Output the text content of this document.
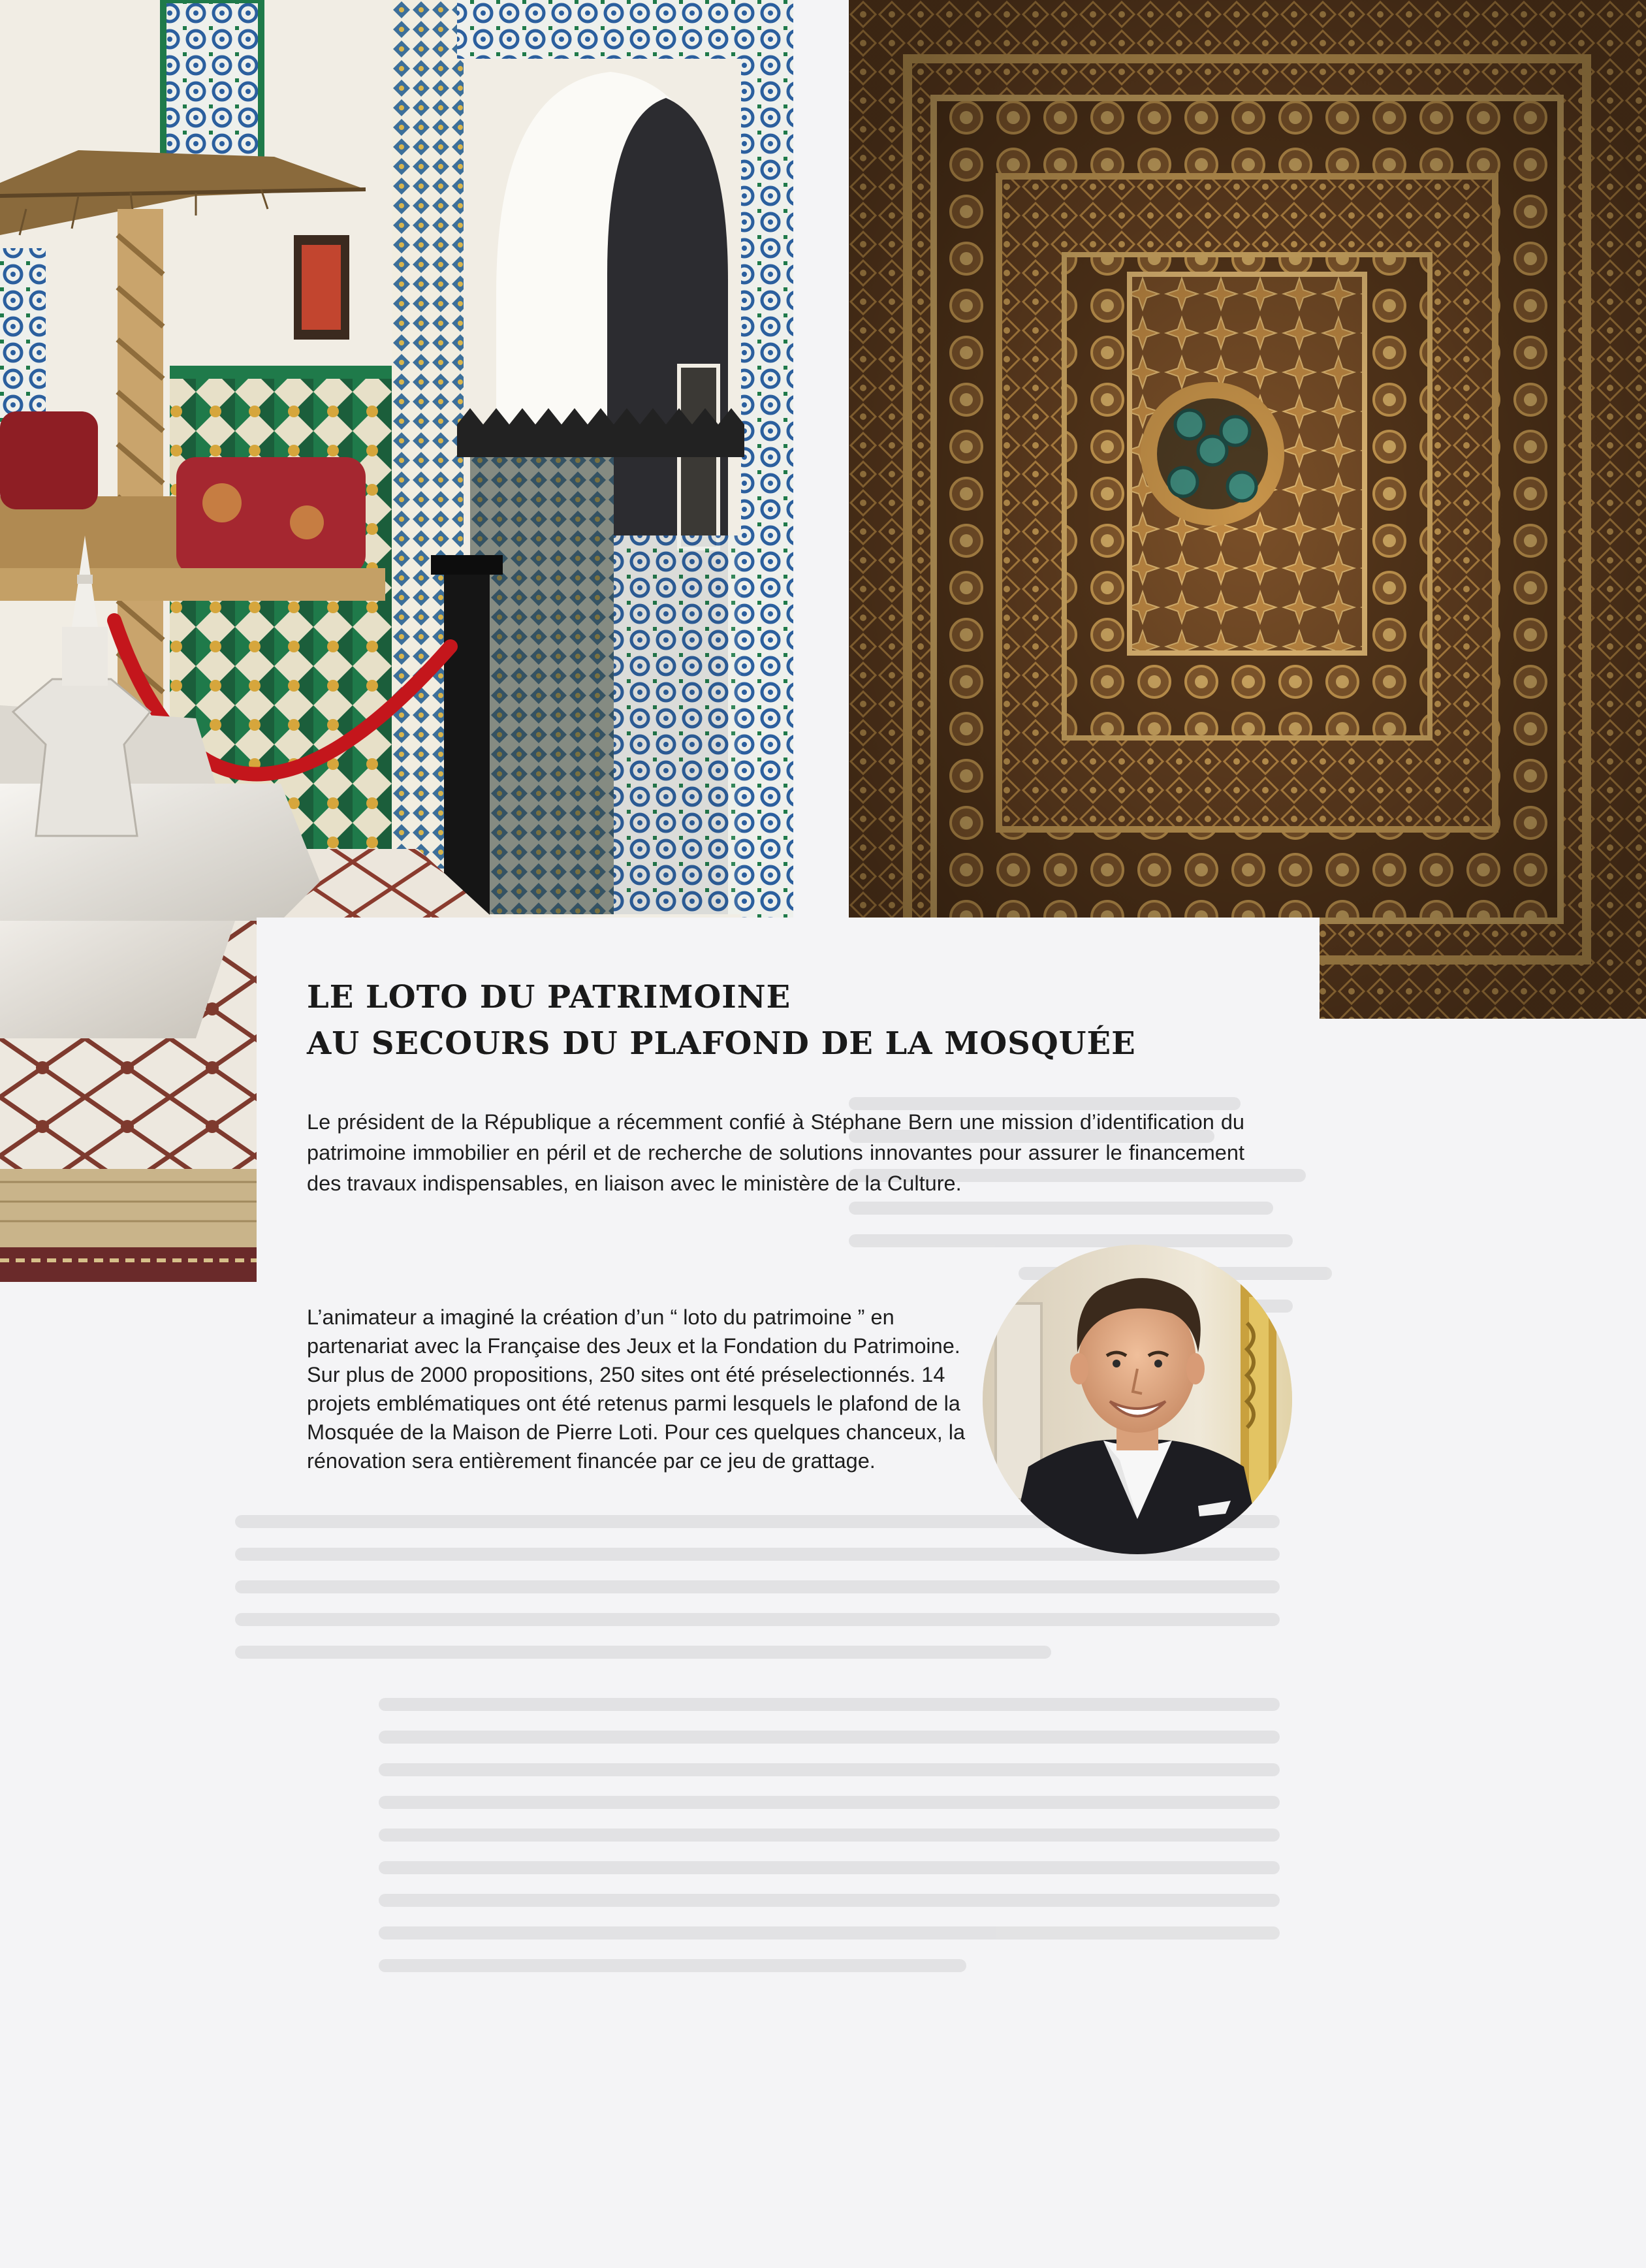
LE LOTO DU PATRIMOINE
AU SECOURS DU PLAFOND DE LA MOSQUÉE

Le président de la République a récemment confié à Stéphane Bern une mission d’identification du patrimoine immobilier en péril et de recherche de solutions innovantes pour assurer le financement des travaux indispensables, en liaison avec le ministère de la Culture.

L’animateur a imaginé la création d’un “ loto du patrimoine ” en partenariat avec la Française des Jeux et la Fondation du Patrimoine.

Sur plus de 2000 propositions, 250 sites ont été préselectionnés. 14 projets emblématiques ont été retenus parmi lesquels le plafond de la Mosquée de la Maison de Pierre Loti. Pour ces quelques chanceux, la rénovation sera entièrement financée par ce jeu de grattage.
